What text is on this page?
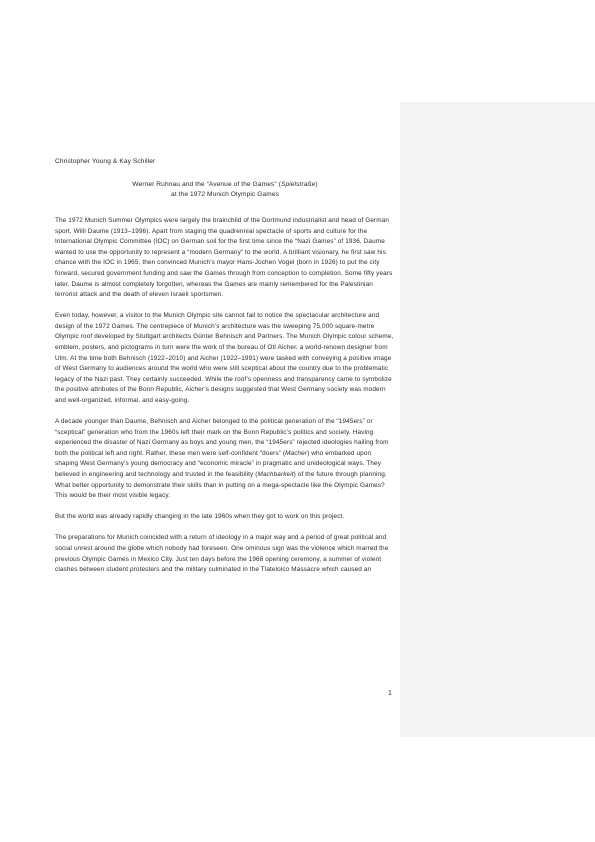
Christopher Young & Kay Schiller
Werner Ruhnau and the “Avenue of the Games” (Spielstraße)
at the 1972 Munich Olympic Games

The 1972 Munich Summer Olympics were largely the brainchild of the Dortmund industrialist and head of German sport, Willi Daume (1913–1996). Apart from staging the quadrennial spectacle of sports and culture for the International Olympic Committee (IOC) on German soil for the first time since the “Nazi Games” of 1936, Daume wanted to use the opportunity to represent a “modern Germany” to the world. A brilliant visionary, he first saw his chance with the IOC in 1965, then convinced Munich’s mayor Hans-Jochen Vogel (born in 1926) to put the city forward, secured government funding and saw the Games through from conception to completion. Some fifty years later, Daume is almost completely forgotten, whereas the Games are mainly remembered for the Palestinian terrorist attack and the death of eleven Israeli sportsmen.

Even today, however, a visitor to the Munich Olympic site cannot fail to notice the spectacular architecture and design of the 1972 Games. The centrepiece of Munich’s architecture was the sweeping 75,000 square-metre Olympic roof developed by Stuttgart architects Günter Behnisch and Partners. The Munich Olympic colour scheme, emblem, posters, and pictograms in turn were the work of the bureau of Otl Aicher, a world-renown designer from Ulm. At the time both Behnisch (1922–2010) and Aicher (1922–1991) were tasked with conveying a positive image of West Germany to audiences around the world who were still sceptical about the country due to the problematic legacy of the Nazi past. They certainly succeeded. While the roof’s openness and transparency came to symbolize the positive attributes of the Bonn Republic, Aicher’s designs suggested that West Germany society was modern and well-organized, informal, and easy-going.

A decade younger than Daume, Behnisch and Aicher belonged to the political generation of the “1945ers” or “sceptical” generation who from the 1960s left their mark on the Bonn Republic’s politics and society. Having experienced the disaster of Nazi Germany as boys and young men, the “1945ers” rejected ideologies hailing from both the political left and right. Rather, these men were self-confident “doers” (Macher) who embarked upon shaping West Germany’s young democracy and “economic miracle” in pragmatic and unideological ways. They believed in engineering and technology and trusted in the feasibility (Machbarkeit) of the future through planning. What better opportunity to demonstrate their skills than in putting on a mega-spectacle like the Olympic Games? This would be their most visible legacy.

But the world was already rapidly changing in the late 1960s when they got to work on this project.

The preparations for Munich coincided with a return of ideology in a major way and a period of great political and social unrest around the globe which nobody had foreseen. One ominous sign was the violence which marred the previous Olympic Games in Mexico City. Just ten days before the 1968 opening ceremony, a summer of violent clashes between student protesters and the military culminated in the Tlatelolco Massacre which caused an

1
